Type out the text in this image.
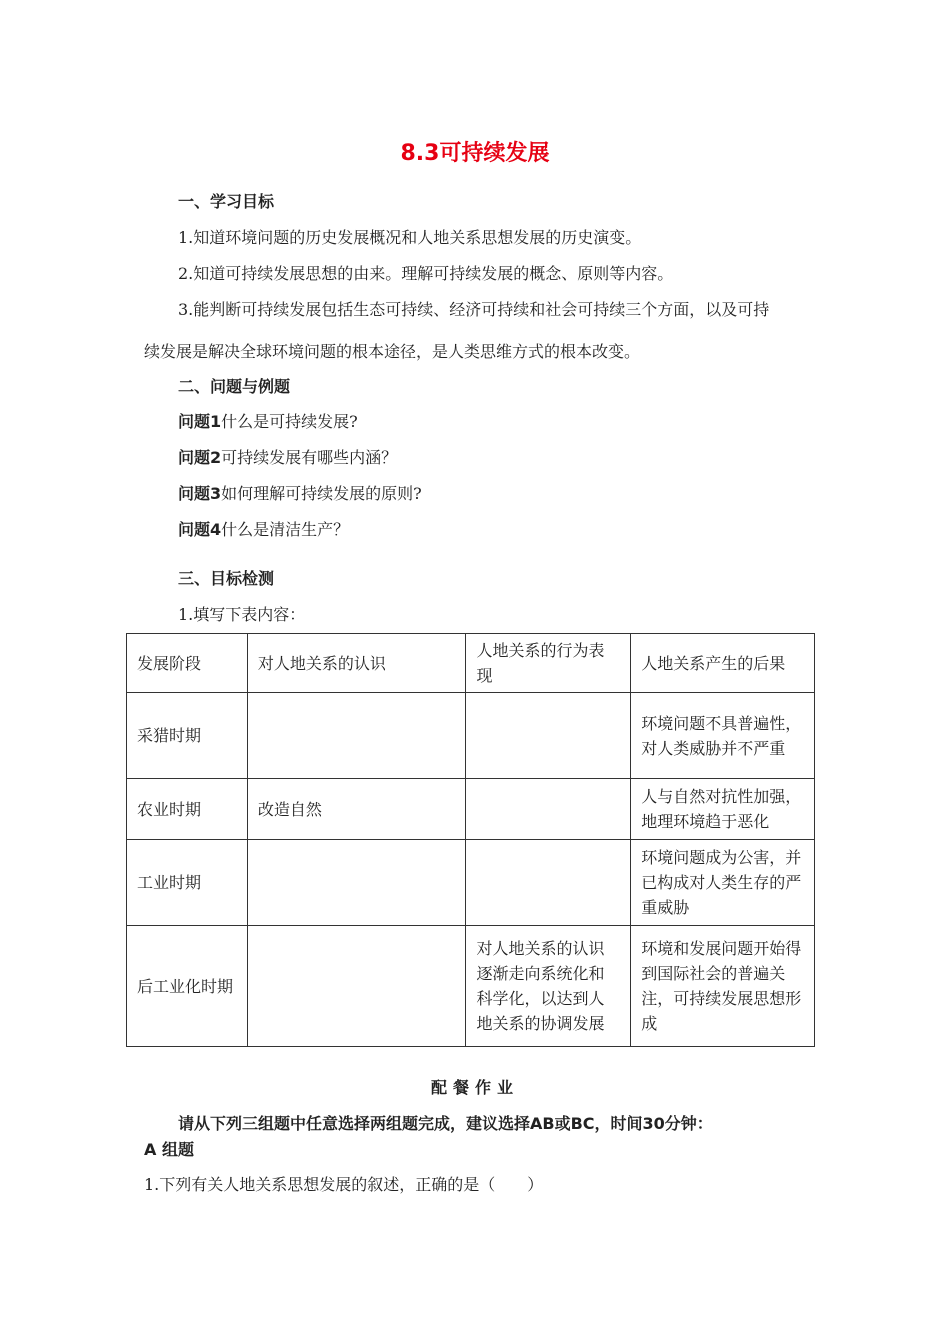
8.3可持续发展
一、学习目标
1.知道环境问题的历史发展概况和人地关系思想发展的历史演变。
2.知道可持续发展思想的由来。理解可持续发展的概念、原则等内容。
3.能判断可持续发展包括生态可持续、经济可持续和社会可持续三个方面，以及可持
续发展是解决全球环境问题的根本途径，是人类思维方式的根本改变。
二、问题与例题
问题1什么是可持续发展?
问题2可持续发展有哪些内涵？
问题3如何理解可持续发展的原则?
问题4什么是清洁生产？
三、目标检测
1.填写下表内容：
发展阶段	对人地关系的认识	人地关系的行为表现	人地关系产生的后果
采猎时期			环境问题不具普遍性，对人类威胁并不严重
农业时期	改造自然		人与自然对抗性加强，地理环境趋于恶化
工业时期			环境问题成为公害，并已构成对人类生存的严重威胁
后工业化时期		对人地关系的认识逐渐走向系统化和科学化，以达到人地关系的协调发展	环境和发展问题开始得到国际社会的普遍关注，可持续发展思想形成
配餐作业
请从下列三组题中任意选择两组题完成，建议选择AB或BC，时间30分钟：
A 组题
1.下列有关人地关系思想发展的叙述，正确的是（　　）
